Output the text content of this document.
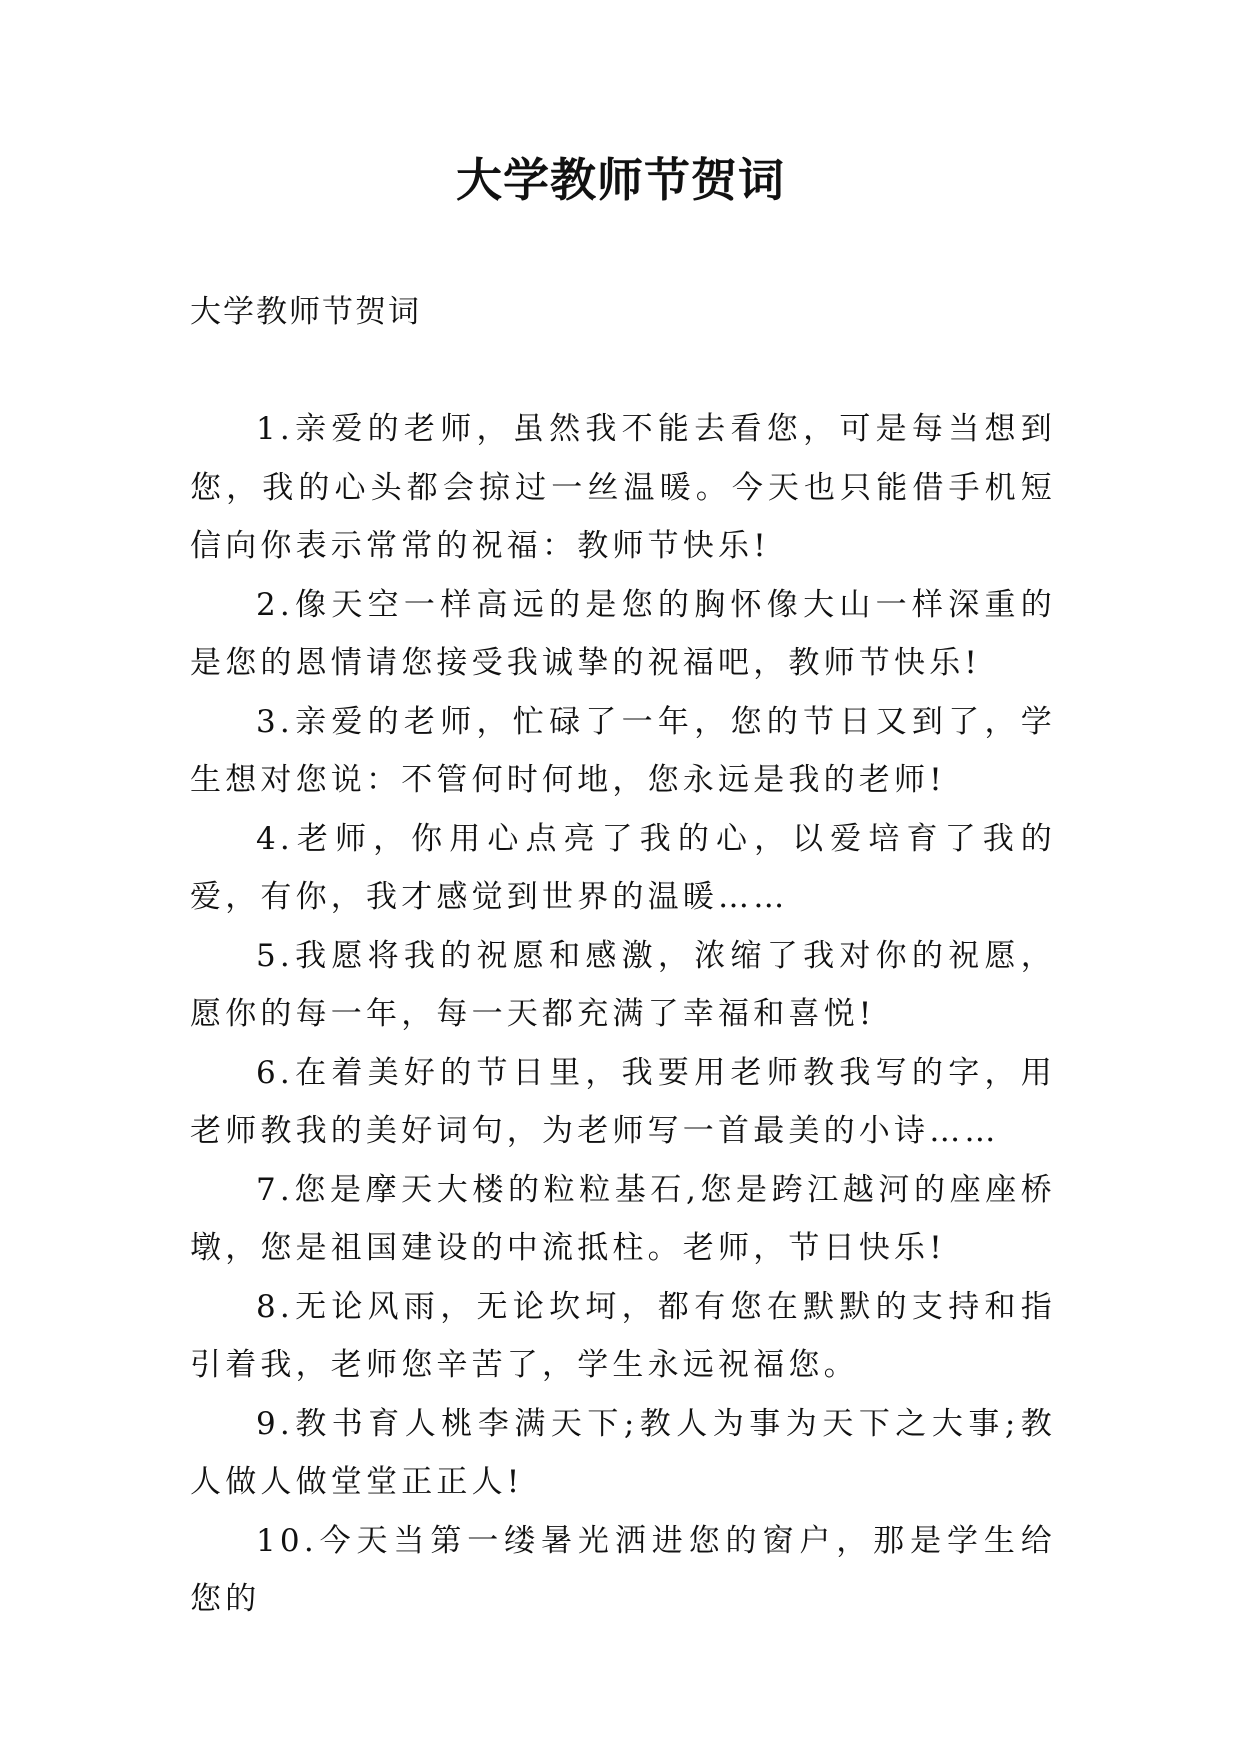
大学教师节贺词
大学教师节贺词

1.亲爱的老师，虽然我不能去看您，可是每当想到您，我的心头都会掠过一丝温暖。今天也只能借手机短信向你表示常常的祝福：教师节快乐!

2.像天空一样高远的是您的胸怀像大山一样深重的是您的恩情请您接受我诚挚的祝福吧，教师节快乐!

3.亲爱的老师，忙碌了一年，您的节日又到了，学生想对您说：不管何时何地，您永远是我的老师!

4.老师，你用心点亮了我的心，以爱培育了我的爱，有你，我才感觉到世界的温暖……

5.我愿将我的祝愿和感激，浓缩了我对你的祝愿，愿你的每一年，每一天都充满了幸福和喜悦!

6.在着美好的节日里，我要用老师教我写的字，用老师教我的美好词句，为老师写一首最美的小诗……

7.您是摩天大楼的粒粒基石,您是跨江越河的座座桥墩，您是祖国建设的中流抵柱。老师，节日快乐!

8.无论风雨，无论坎坷，都有您在默默的支持和指引着我，老师您辛苦了，学生永远祝福您。

9.教书育人桃李满天下;教人为事为天下之大事;教人做人做堂堂正正人!

10.今天当第一缕暑光洒进您的窗户，那是学生给您的
